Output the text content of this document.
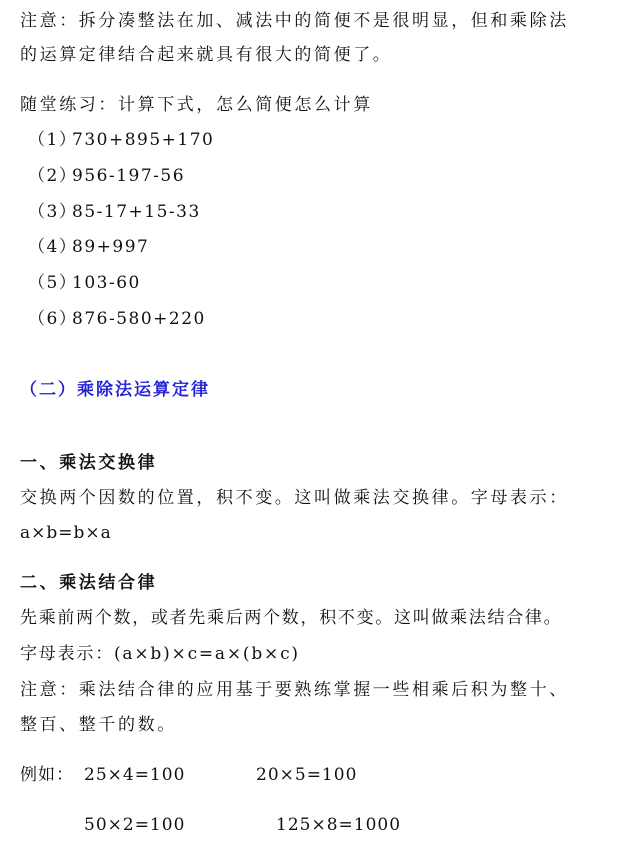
注意：拆分凑整法在加、减法中的简便不是很明显，但和乘除法
的运算定律结合起来就具有很大的简便了。
随堂练习：计算下式，怎么简便怎么计算
（1）730+895+170
（2）956-197-56
（3）85-17+15-33
（4）89+997
（5）103-60
（6）876-580+220
（二）乘除法运算定律
一、乘法交换律
交换两个因数的位置，积不变。这叫做乘法交换律。字母表示：
a×b=b×a
二、乘法结合律
先乘前两个数，或者先乘后两个数，积不变。这叫做乘法结合律。
字母表示：(a×b)×c=a×(b×c)
注意：乘法结合律的应用基于要熟练掌握一些相乘后积为整十、
整百、整千的数。
例如： 25×4=100	20×5=100
50×2=100	125×8=1000
